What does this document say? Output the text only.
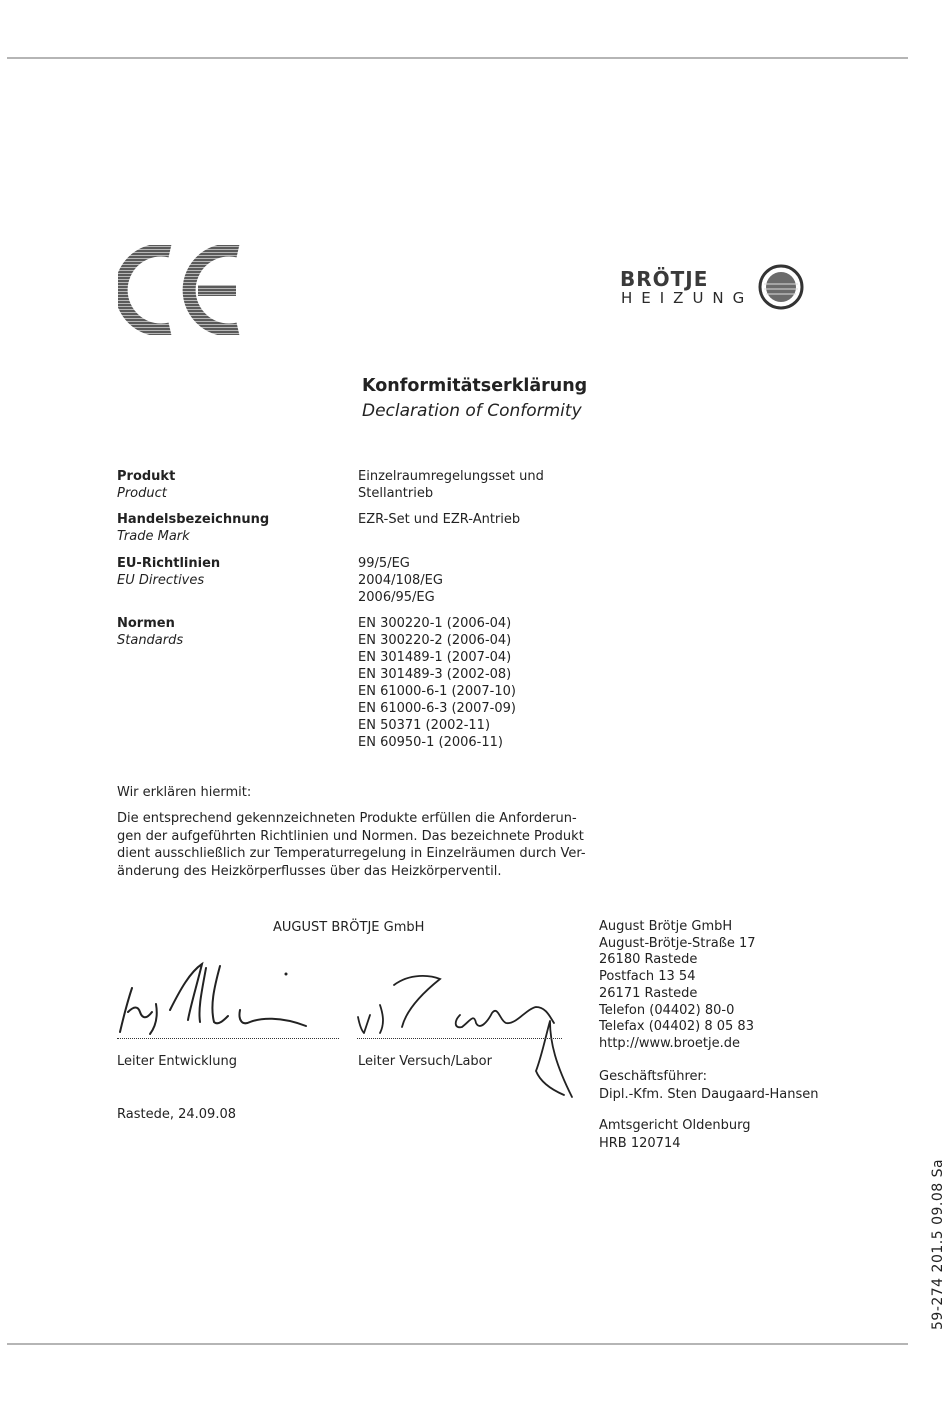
BRÖTJE
HEIZUNG
Konformitätserklärung
Declaration of Conformity
Produkt
Product
Einzelraumregelungsset und
Stellantrieb
Handelsbezeichnung
Trade Mark
EZR-Set und EZR-Antrieb
EU-Richtlinien
EU Directives
99/5/EG
2004/108/EG
2006/95/EG
Normen
Standards
EN 300220-1 (2006-04)
EN 300220-2 (2006-04)
EN 301489-1 (2007-04)
EN 301489-3 (2002-08)
EN 61000-6-1 (2007-10)
EN 61000-6-3 (2007-09)
EN 50371 (2002-11)
EN 60950-1 (2006-11)
Wir erklären hiermit:
Die entsprechend gekennzeichneten Produkte erfüllen die Anforderun-
gen der aufgeführten Richtlinien und Normen. Das bezeichnete Produkt
dient ausschließlich zur Temperaturregelung in Einzelräumen durch Ver-
änderung des Heizkörperflusses über das Heizkörperventil.
AUGUST BRÖTJE GmbH
Leiter Entwicklung	Leiter Versuch/Labor
Rastede, 24.09.08
August Brötje GmbH
August-Brötje-Straße 17
26180 Rastede
Postfach 13 54
26171 Rastede
Telefon (04402) 80-0
Telefax (04402) 8 05 83
http://www.broetje.de
Geschäftsführer:
Dipl.-Kfm. Sten Daugaard-Hansen
Amtsgericht Oldenburg
HRB 120714
59-274 201.5 09.08 Sa
